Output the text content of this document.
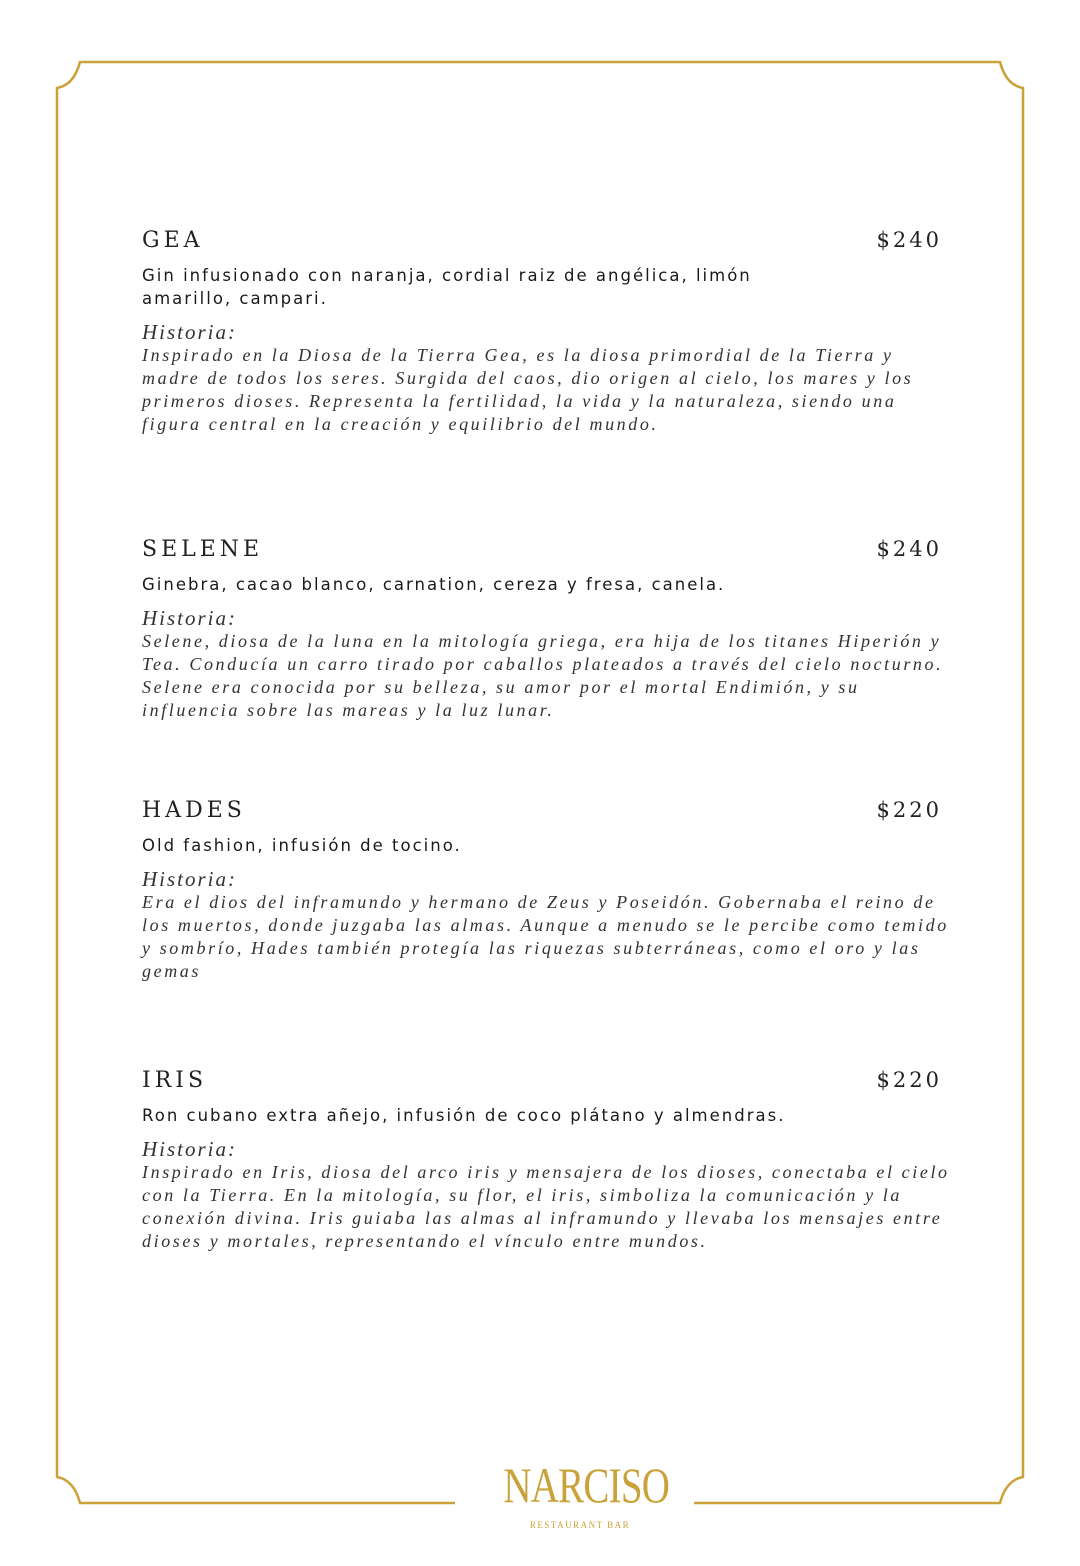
GEA	$240
Gin infusionado con naranja, cordial raiz de angélica, limón amarillo, campari.
Historia:
Inspirado en la Diosa de la Tierra Gea, es la diosa primordial de la Tierra y madre de todos los seres. Surgida del caos, dio origen al cielo, los mares y los primeros dioses. Representa la fertilidad, la vida y la naturaleza, siendo una figura central en la creación y equilibrio del mundo.
SELENE	$240
Ginebra, cacao blanco, carnation, cereza y fresa, canela.
Historia:
Selene, diosa de la luna en la mitología griega, era hija de los titanes Hiperión y Tea. Conducía un carro tirado por caballos plateados a través del cielo nocturno. Selene era conocida por su belleza, su amor por el mortal Endimión, y su influencia sobre las mareas y la luz lunar.
HADES	$220
Old fashion, infusión de tocino.
Historia:
Era el dios del inframundo y hermano de Zeus y Poseidón. Gobernaba el reino de los muertos, donde juzgaba las almas. Aunque a menudo se le percibe como temido y sombrío, Hades también protegía las riquezas subterráneas, como el oro y las gemas
IRIS	$220
Ron cubano extra añejo, infusión de coco plátano y almendras.
Historia:
Inspirado en Iris, diosa del arco iris y mensajera de los dioses, conectaba el cielo con la Tierra. En la mitología, su flor, el iris, simboliza la comunicación y la conexión divina. Iris guiaba las almas al inframundo y llevaba los mensajes entre dioses y mortales, representando el vínculo entre mundos.
NARCISO
RESTAURANT BAR
